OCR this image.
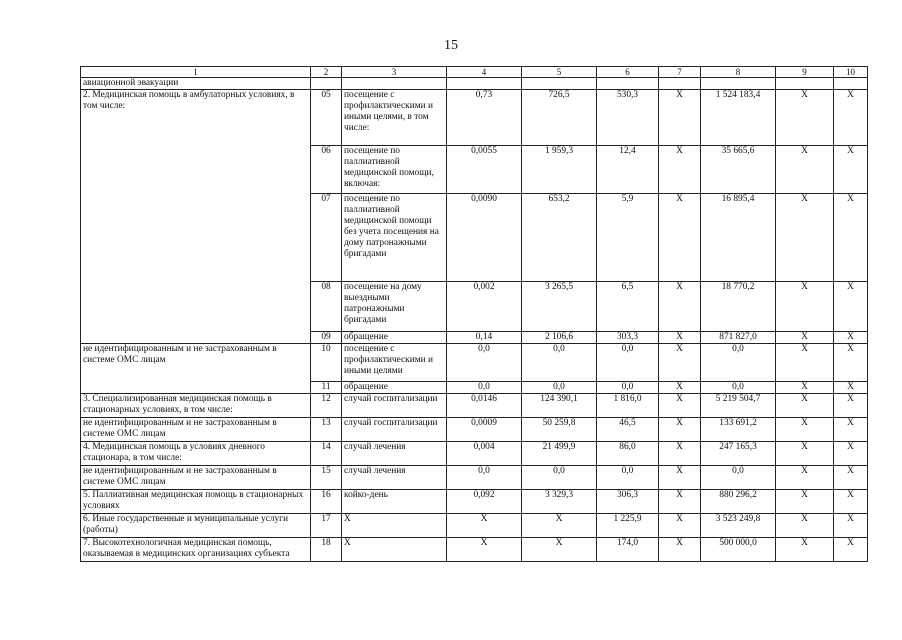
15
1	2	3	4	5	6	7	8	9	10
авиационной эвакуации									
2. Медицинская помощь в амбулаторных условиях, в том числе:	05	посещение с профилактическими и иными целями, в том числе:	0,73	726,5	530,3	X	1 524 183,4	X	X
	06	посещение по паллиативной медицинской помощи, включая:	0,0055	1 959,3	12,4	X	35 665,6	X	X
	07	посещение по паллиативной медицинской помощи без учета посещения на дому патронажными бригадами	0,0090	653,2	5,9	X	16 895,4	X	X
	08	посещение на дому выездными патронажными бригадами	0,002	3 265,5	6,5	X	18 770,2	X	X
	09	обращение	0,14	2 106,6	303,3	X	871 827,0	X	X
не идентифицированным и не застрахованным в системе ОМС лицам	10	посещение с профилактическими и иными целями	0,0	0,0	0,0	X	0,0	X	X
	11	обращение	0,0	0,0	0,0	X	0,0	X	X
3. Специализированная медицинская помощь в стационарных условиях, в том числе:	12	случай госпитализации	0,0146	124 390,1	1 816,0	X	5 219 504,7	X	X
не идентифицированным и не застрахованным в системе ОМС лицам	13	случай госпитализации	0,0009	50 259,8	46,5	X	133 691,2	X	X
4. Медицинская помощь в условиях дневного стационара, в том числе:	14	случай лечения	0,004	21 499,9	86,0	X	247 165,3	X	X
не идентифицированным и не застрахованным в системе ОМС лицам	15	случай лечения	0,0	0,0	0,0	X	0,0	X	X
5. Паллиативная медицинская помощь в стационарных условиях	16	койко-день	0,092	3 329,3	306,3	X	880 296,2	X	X
6. Иные государственные и муниципальные услуги (работы)	17	X	X	X	1 225,9	X	3 523 249,8	X	X
7. Высокотехнологичная медицинская помощь, оказываемая в медицинских организациях субъекта	18	X	X	X	174,0	X	500 000,0	X	X
